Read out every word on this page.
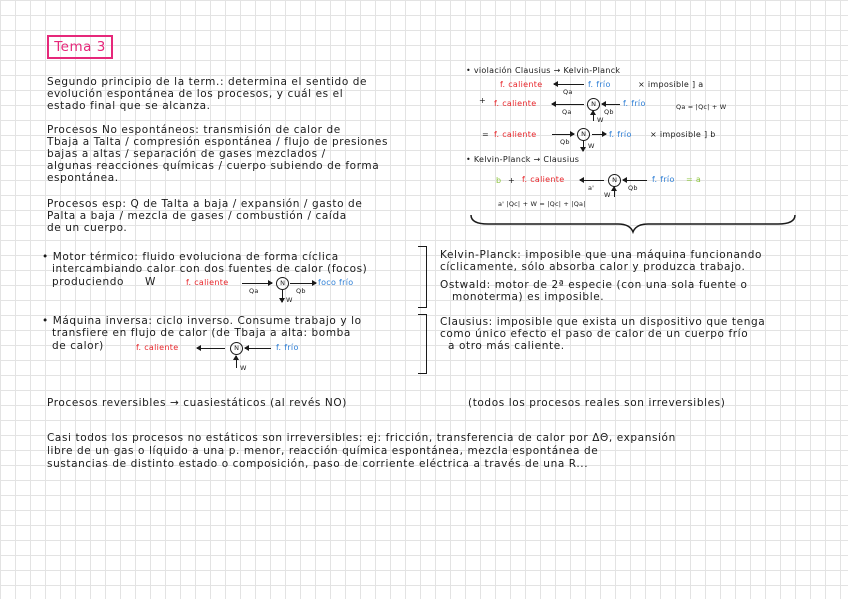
Tema 3
Segundo principio de la term.: determina el sentido de
evolución espontánea de los procesos, y cuál es el
estado final que se alcanza.
Procesos No espontáneos: transmisión de calor de
Tbaja a Talta / compresión espontánea / flujo de presiones
bajas a altas / separación de gases mezclados /
algunas reacciones químicas / cuerpo subiendo de forma
espontánea.
Procesos esp: Q de Talta a baja / expansión / gasto de
Palta a baja / mezcla de gases / combustión / caída
de un cuerpo.
• Motor térmico: fluido evoluciona de forma cíclica
intercambiando calor con dos fuentes de calor (focos)
produciendo W	f. caliente
Qa
N
Qb
foco frío
W
• Máquina inversa: ciclo inverso. Consume trabajo y lo
transfiere en flujo de calor (de Tbaja a alta: bomba
de calor)	f. caliente	N	f. frío
W
Kelvin-Planck: imposible que una máquina funcionando
cíclicamente, sólo absorba calor y produzca trabajo.
Ostwald: motor de 2ª especie (con una sola fuente o
monoterma) es imposible.
Clausius: imposible que exista un dispositivo que tenga
como único efecto el paso de calor de un cuerpo frío
a otro más caliente.
• violación Clausius → Kelvin-Planck
f. caliente
Qa
f. frío	× imposible ] a
+ f. caliente
Qa
N
Qb
f. frío
W
Qa = |Qc| + W
= f. caliente	N
Qb	W
f. frío × imposible ] b
• Kelvin-Planck → Clausius
b + f. caliente
a'
N
Qb
f. frío = a
W
a' |Qc| + W = |Qc| + |Qa|
Procesos reversibles → cuasiestáticos (al revés NO)	(todos los procesos reales son irreversibles)
Casi todos los procesos no estáticos son irreversibles: ej: fricción, transferencia de calor por ΔΘ, expansión
libre de un gas o líquido a una p. menor, reacción química espontánea, mezcla espontánea de
sustancias de distinto estado o composición, paso de corriente eléctrica a través de una R...
